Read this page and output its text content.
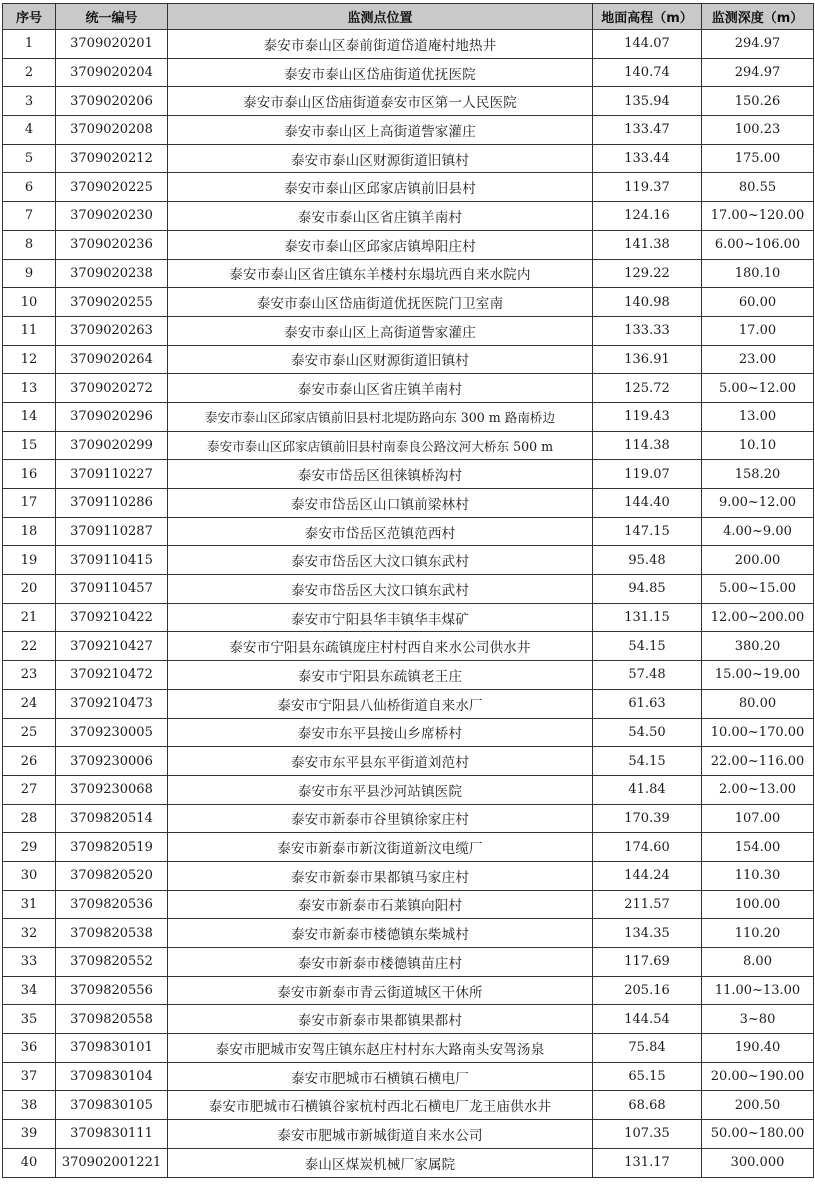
序号	统一编号	监测点位置	地面高程（m）	监测深度（m）
1	3709020201	泰安市泰山区泰前街道岱道庵村地热井	144.07	294.97
2	3709020204	泰安市泰山区岱庙街道优抚医院	140.74	294.97
3	3709020206	泰安市泰山区岱庙街道泰安市区第一人民医院	135.94	150.26
4	3709020208	泰安市泰山区上高街道訾家灌庄	133.47	100.23
5	3709020212	泰安市泰山区财源街道旧镇村	133.44	175.00
6	3709020225	泰安市泰山区邱家店镇前旧县村	119.37	80.55
7	3709020230	泰安市泰山区省庄镇羊南村	124.16	17.00~120.00
8	3709020236	泰安市泰山区邱家店镇埠阳庄村	141.38	6.00~106.00
9	3709020238	泰安市泰山区省庄镇东羊楼村东塌坑西自来水院内	129.22	180.10
10	3709020255	泰安市泰山区岱庙街道优抚医院门卫室南	140.98	60.00
11	3709020263	泰安市泰山区上高街道訾家灌庄	133.33	17.00
12	3709020264	泰安市泰山区财源街道旧镇村	136.91	23.00
13	3709020272	泰安市泰山区省庄镇羊南村	125.72	5.00~12.00
14	3709020296	泰安市泰山区邱家店镇前旧县村北堤防路向东 300 m 路南桥边	119.43	13.00
15	3709020299	泰安市泰山区邱家店镇前旧县村南泰良公路汶河大桥东 500 m	114.38	10.10
16	3709110227	泰安市岱岳区徂徕镇桥沟村	119.07	158.20
17	3709110286	泰安市岱岳区山口镇前梁林村	144.40	9.00~12.00
18	3709110287	泰安市岱岳区范镇范西村	147.15	4.00~9.00
19	3709110415	泰安市岱岳区大汶口镇东武村	95.48	200.00
20	3709110457	泰安市岱岳区大汶口镇东武村	94.85	5.00~15.00
21	3709210422	泰安市宁阳县华丰镇华丰煤矿	131.15	12.00~200.00
22	3709210427	泰安市宁阳县东疏镇庞庄村村西自来水公司供水井	54.15	380.20
23	3709210472	泰安市宁阳县东疏镇老王庄	57.48	15.00~19.00
24	3709210473	泰安市宁阳县八仙桥街道自来水厂	61.63	80.00
25	3709230005	泰安市东平县接山乡席桥村	54.50	10.00~170.00
26	3709230006	泰安市东平县东平街道刘范村	54.15	22.00~116.00
27	3709230068	泰安市东平县沙河站镇医院	41.84	2.00~13.00
28	3709820514	泰安市新泰市谷里镇徐家庄村	170.39	107.00
29	3709820519	泰安市新泰市新汶街道新汶电缆厂	174.60	154.00
30	3709820520	泰安市新泰市果都镇马家庄村	144.24	110.30
31	3709820536	泰安市新泰市石莱镇向阳村	211.57	100.00
32	3709820538	泰安市新泰市楼德镇东柴城村	134.35	110.20
33	3709820552	泰安市新泰市楼德镇苗庄村	117.69	8.00
34	3709820556	泰安市新泰市青云街道城区干休所	205.16	11.00~13.00
35	3709820558	泰安市新泰市果都镇果都村	144.54	3~80
36	3709830101	泰安市肥城市安驾庄镇东赵庄村村东大路南头安驾汤泉	75.84	190.40
37	3709830104	泰安市肥城市石横镇石横电厂	65.15	20.00~190.00
38	3709830105	泰安市肥城市石横镇谷家杭村西北石横电厂龙王庙供水井	68.68	200.50
39	3709830111	泰安市肥城市新城街道自来水公司	107.35	50.00~180.00
40	370902001221	泰山区煤炭机械厂家属院	131.17	300.000
